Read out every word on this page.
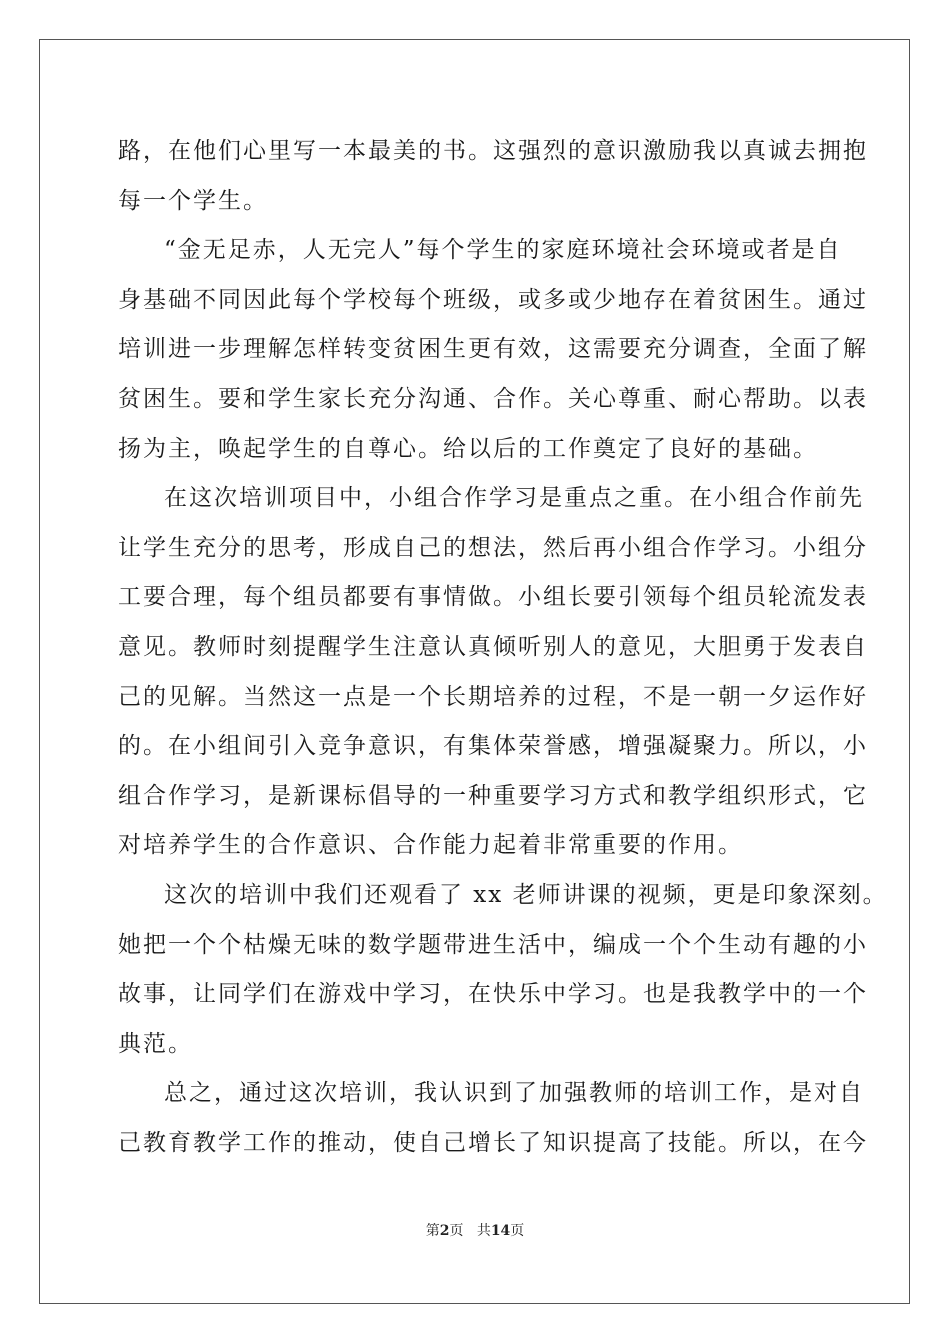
路，在他们心里写一本最美的书。这强烈的意识激励我以真诚去拥抱
每一个学生。
“金无足赤，人无完人”每个学生的家庭环境社会环境或者是自
身基础不同因此每个学校每个班级，或多或少地存在着贫困生。通过
培训进一步理解怎样转变贫困生更有效，这需要充分调查，全面了解
贫困生。要和学生家长充分沟通、合作。关心尊重、耐心帮助。以表
扬为主，唤起学生的自尊心。给以后的工作奠定了良好的基础。
在这次培训项目中，小组合作学习是重点之重。在小组合作前先
让学生充分的思考，形成自己的想法，然后再小组合作学习。小组分
工要合理，每个组员都要有事情做。小组长要引领每个组员轮流发表
意见。教师时刻提醒学生注意认真倾听别人的意见，大胆勇于发表自
己的见解。当然这一点是一个长期培养的过程，不是一朝一夕运作好
的。在小组间引入竞争意识，有集体荣誉感，增强凝聚力。所以，小
组合作学习，是新课标倡导的一种重要学习方式和教学组织形式，它
对培养学生的合作意识、合作能力起着非常重要的作用。
这次的培训中我们还观看了 xx 老师讲课的视频，更是印象深刻。
她把一个个枯燥无味的数学题带进生活中，编成一个个生动有趣的小
故事，让同学们在游戏中学习，在快乐中学习。也是我教学中的一个
典范。
总之，通过这次培训，我认识到了加强教师的培训工作，是对自
己教育教学工作的推动，使自己增长了知识提高了技能。所以，在今
第2页 共14页
